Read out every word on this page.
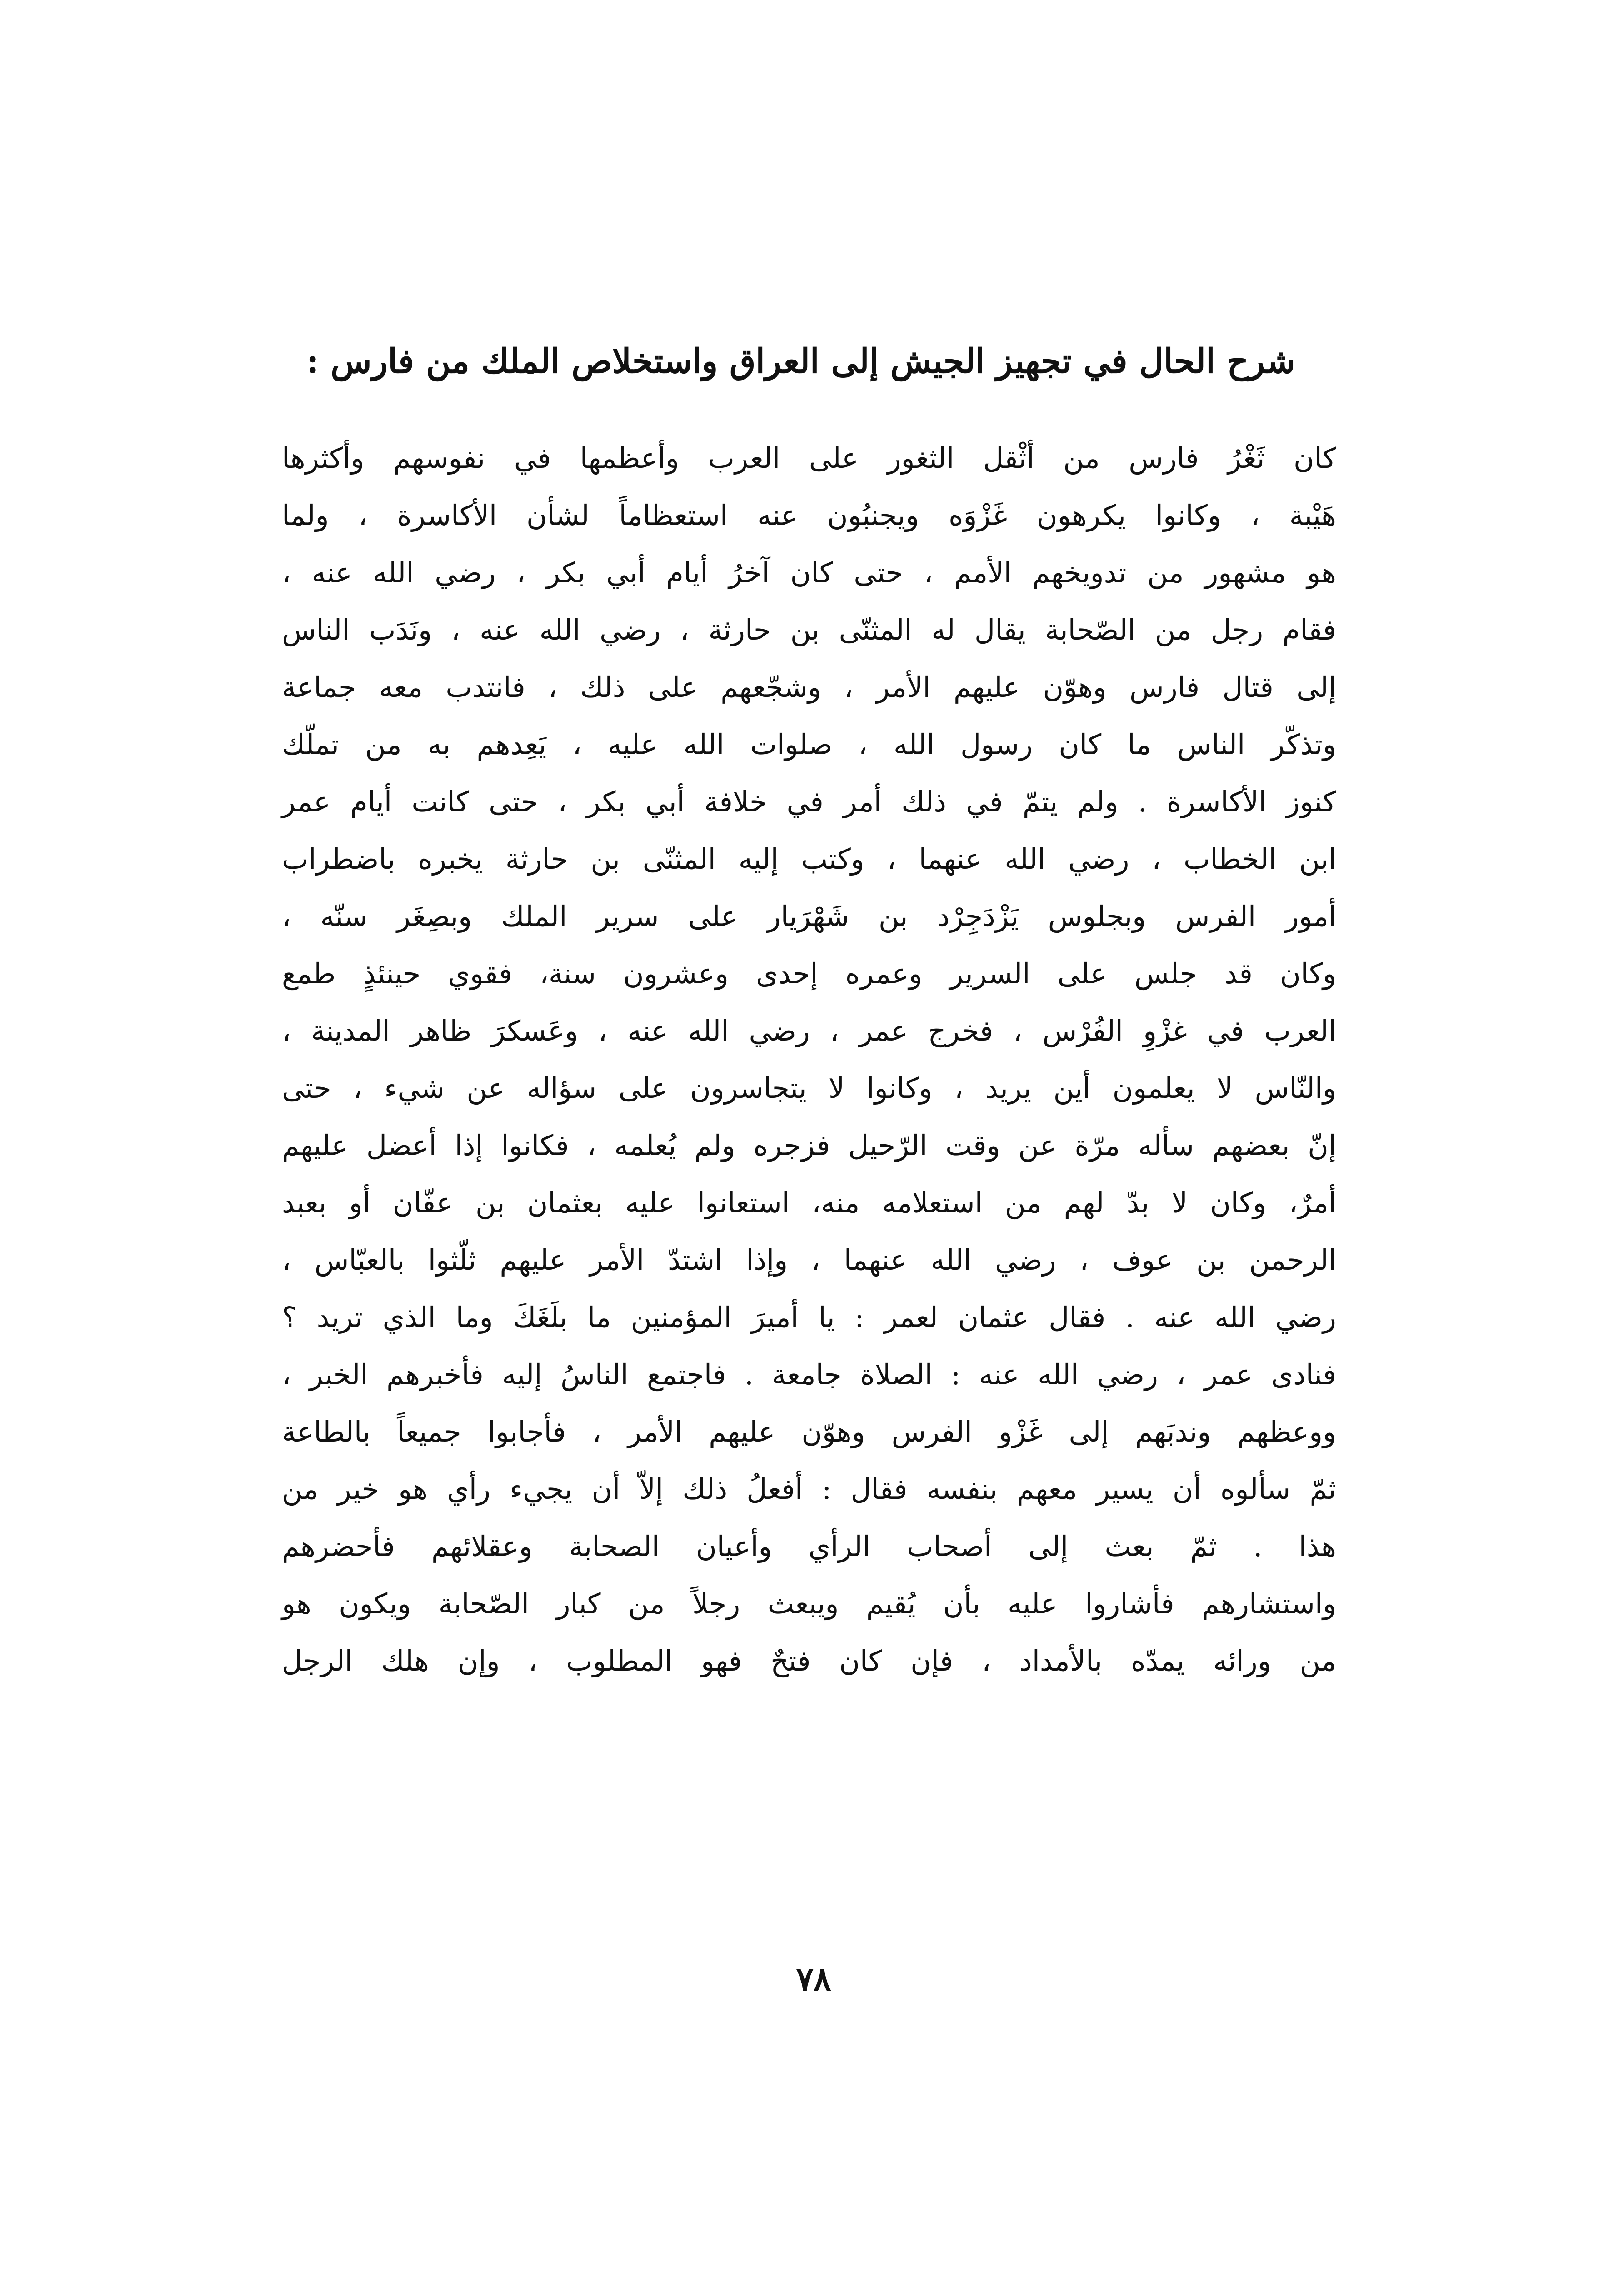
شرح الحال في تجهيز الجيش إلى العراق واستخلاص الملك من فارس :
كان ثَغْرُ فارس من أثْقل الثغور على العرب وأعظمها في نفوسهم وأكثرها
هَيْبة ، وكانوا يكرهون غَزْوَه ويجنبُون عنه استعظاماً لشأن الأكاسرة ، ولما
هو مشهور من تدويخهم الأمم ، حتى كان آخرُ أيام أبي بكر ، رضي الله عنه ،
فقام رجل من الصّحابة يقال له المثنّى بن حارثة ، رضي الله عنه ، ونَدَب الناس
إلى قتال فارس وهوّن عليهم الأمر ، وشجّعهم على ذلك ، فانتدب معه جماعة
وتذكّر الناس ما كان رسول الله ، صلوات الله عليه ، يَعِدهم به من تملّك
كنوز الأكاسرة . ولم يتمّ في ذلك أمر في خلافة أبي بكر ، حتى كانت أيام عمر
ابن الخطاب ، رضي الله عنهما ، وكتب إليه المثنّى بن حارثة يخبره باضطراب
أمور الفرس وبجلوس يَزْدَجِرْد بن شَهْرَيار على سرير الملك وبصِغَر سنّه ،
وكان قد جلس على السرير وعمره إحدى وعشرون سنة، فقوي حينئذٍ طمع
العرب في غزْوِ الفُرْس ، فخرج عمر ، رضي الله عنه ، وعَسكرَ ظاهر المدينة ،
والنّاس لا يعلمون أين يريد ، وكانوا لا يتجاسرون على سؤاله عن شيء ، حتى
إنّ بعضهم سأله مرّة عن وقت الرّحيل فزجره ولم يُعلمه ، فكانوا إذا أعضل عليهم
أمرٌ، وكان لا بدّ لهم من استعلامه منه، استعانوا عليه بعثمان بن عفّان أو بعبد
الرحمن بن عوف ، رضي الله عنهما ، وإذا اشتدّ الأمر عليهم ثلّثوا بالعبّاس ،
رضي الله عنه . فقال عثمان لعمر : يا أميرَ المؤمنين ما بلَغَكَ وما الذي تريد ؟
فنادى عمر ، رضي الله عنه : الصلاة جامعة . فاجتمع الناسُ إليه فأخبرهم الخبر ،
ووعظهم وندبَهم إلى غَزْو الفرس وهوّن عليهم الأمر ، فأجابوا جميعاً بالطاعة
ثمّ سألوه أن يسير معهم بنفسه فقال : أفعلُ ذلك إلاّ أن يجيء رأي هو خير من
هذا . ثمّ بعث إلى أصحاب الرأي وأعيان الصحابة وعقلائهم فأحضرهم
واستشارهم فأشاروا عليه بأن يُقيم ويبعث رجلاً من كبار الصّحابة ويكون هو
من ورائه يمدّه بالأمداد ، فإن كان فتحٌ فهو المطلوب ، وإن هلك الرجل
٧٨
